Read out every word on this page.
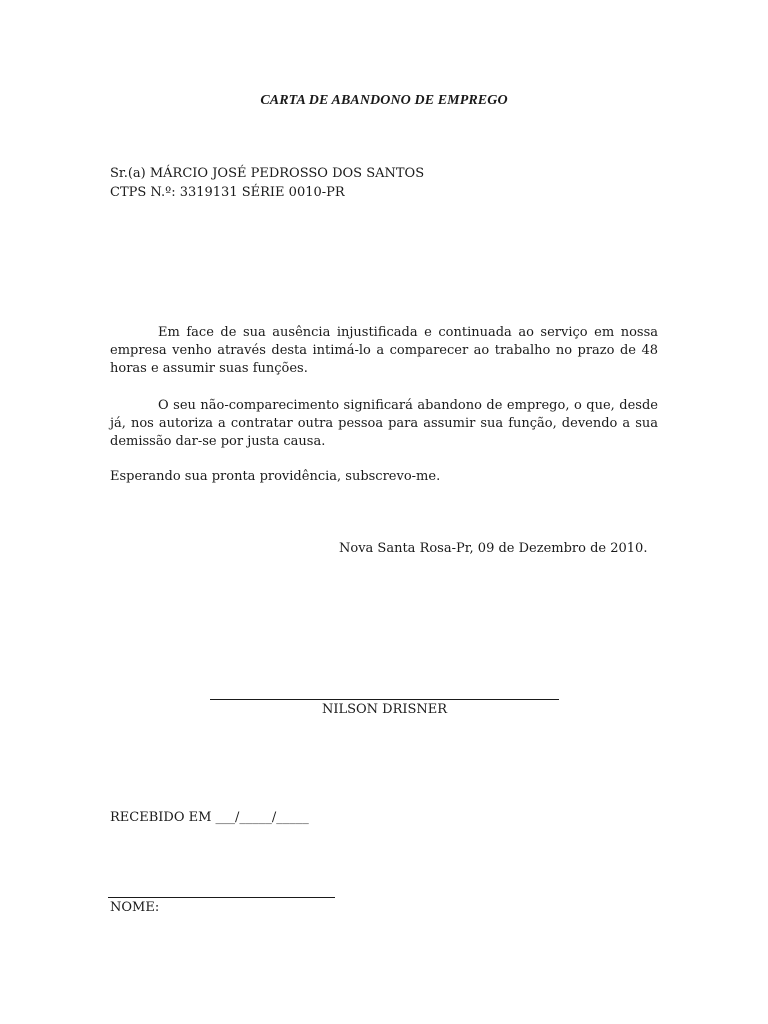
CARTA DE ABANDONO DE EMPREGO
Sr.(a) MÁRCIO JOSÉ PEDROSSO DOS SANTOS
CTPS N.º: 3319131 SÉRIE 0010-PR
Em face de sua ausência injustificada e continuada ao serviço em nossa empresa venho através desta intimá-lo a comparecer ao trabalho no prazo de 48 horas e assumir suas funções.
O seu não-comparecimento significará abandono de emprego, o que, desde já, nos autoriza a contratar outra pessoa para assumir sua função, devendo a sua demissão dar-se por justa causa.
Esperando sua pronta providência, subscrevo-me.
Nova Santa Rosa-Pr, 09 de Dezembro de 2010.
NILSON DRISNER
RECEBIDO EM ___/_____/_____
NOME:
